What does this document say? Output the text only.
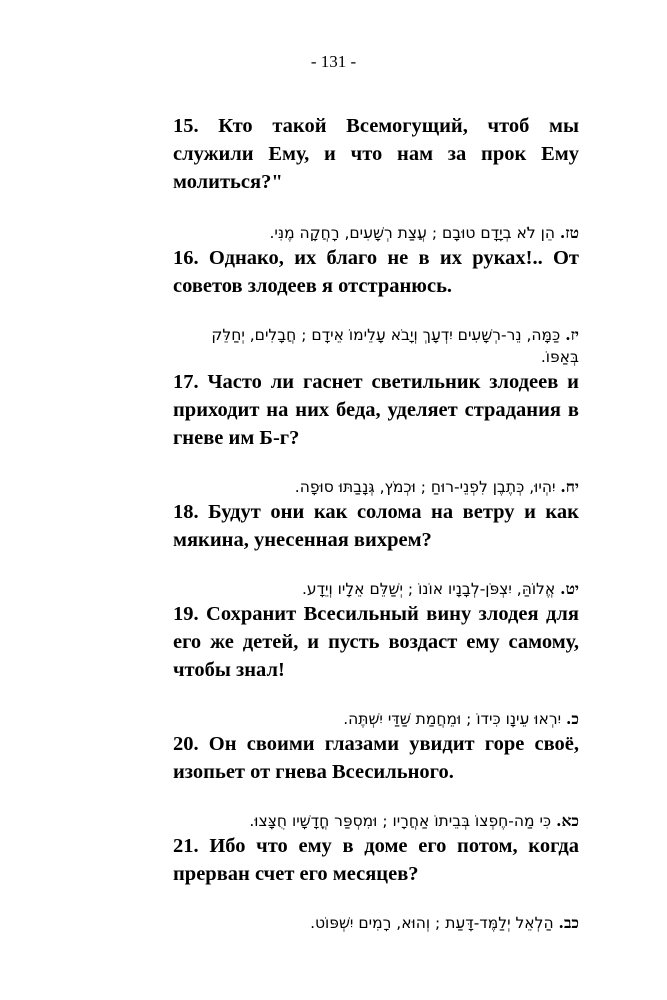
- 131 -
15. Кто такой Всемогущий, чтоб мы служили Ему, и что нам за прок Ему молиться?"
טז. הֵן לֹא בְיָדָם טוּבָם ; עֲצַת רְשָׁעִים, רָחֲקָה מֶנִּי.
16. Однако, их благо не в их руках!.. От советов злодеев я отстранюсь.
יז. כַּמָּה, נֵר-רְשָׁעִים יִדְעָךְ וְיָבֹא עָלֵימוֹ אֵידָם ; חֲבָלִים, יְחַלֵּק בְּאַפּוֹ.
17. Часто ли гаснет светильник злодеев и приходит на них беда, уделяет страдания в гневе им Б-г?
יח. יִהְיוּ, כְּתֶבֶן לִפְנֵי-רוּחַ ; וּכְמֹץ, גְּנָבַתּוּ סוּפָה.
18. Будут они как солома на ветру и как мякина, унесенная вихрем?
יט. אֱלוֹהַּ, יִצְפֹּן-לְבָנָיו אוֹנוֹ ; יְשַׁלֵּם אֵלָיו וְיֵדָע.
19. Сохранит Всесильный вину злодея для его же детей, и пусть воздаст ему самому, чтобы знал!
כ. יִרְאוּ עֵינָו כִּידוֹ ; וּמֵחֲמַת שַׁדַּי יִשְׁתֶּה.
20. Он своими глазами увидит горе своё, изопьет от гнева Всесильного.
כא. כִּי מַה-חֶפְצוֹ בְּבֵיתוֹ אַחֲרָיו ; וּמִסְפַּר חֳדָשָׁיו חֻצָּצוּ.
21. Ибо что ему в доме его потом, когда прерван счет его месяцев?
כב. הַלְאֵל יְלַמֶּד-דָּעַת ; וְהוּא, רָמִים יִשְׁפּוֹט.
